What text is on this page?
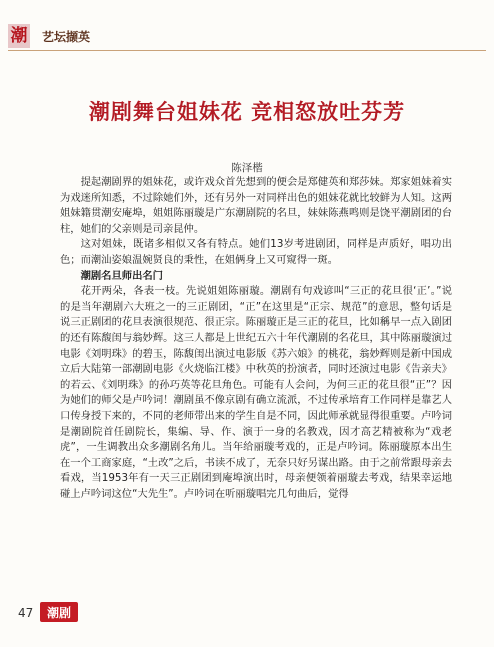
潮 艺坛撷英
潮剧舞台姐妹花 竞相怒放吐芬芳
陈泽楷

提起潮剧界的姐妹花，或许戏众首先想到的便会是郑健英和郑莎妹。郑家姐妹着实为戏迷所知悉，不过除她们外，还有另外一对同样出色的姐妹花就比较鲜为人知。这两姐妹籍贯潮安庵埠，姐姐陈丽璇是广东潮剧院的名旦，妹妹陈燕鸣则是饶平潮剧团的台柱，她们的父亲则是司亲昆仲。

这对姐妹，既诸多相似又各有特点。她们13岁考进剧团，同样是声质好，唱功出色；而潮汕姿娘温婉贤良的秉性，在姐俩身上又可窥得一斑。

潮剧名旦师出名门

花开两朵，各表一枝。先说姐姐陈丽璇。潮剧有句戏谚叫“三正的花旦很‘正’。”说的是当年潮剧六大班之一的三正剧团，“正”在这里是“正宗、规范”的意思，整句话是说三正剧团的花旦表演很规范、很正宗。陈丽璇正是三正的花旦，比如稱早一点入剧团的还有陈馥闺与翁妙辉。这三人都是上世纪五六十年代潮剧的名花旦，其中陈丽璇演过电影《刘明珠》的碧玉，陈馥闺出演过电影版《苏六娘》的桃花，翁妙辉则是新中国成立后大陆第一部潮剧电影《火烧临江楼》中秋英的扮演者，同时还演过电影《告亲夫》的若云、《刘明珠》的孙巧英等花旦角色。可能有人会问，为何三正的花旦很“正”？因为她们的师父是卢吟词！潮剧虽不像京剧有确立流派，不过传承培育工作同样是靠艺人口传身授下来的，不同的老师带出来的学生自是不同，因此师承就显得很重要。卢吟词是潮剧院首任剧院长，集编、导、作、演于一身的名教戏，因才高艺精被称为“戏老虎”，一生调教出众多潮剧名角儿。当年给丽璇考戏的，正是卢吟词。陈丽璇原本出生在一个工商家庭，“土改”之后，书读不成了，无奈只好另谋出路。由于之前常跟母亲去看戏，当1953年有一天三正剧团到庵埠演出时，母亲便领着丽璇去考戏，结果幸运地碰上卢吟词这位“大先生”。卢吟词在听丽璇唱完几句曲后，觉得

47 潮剧
